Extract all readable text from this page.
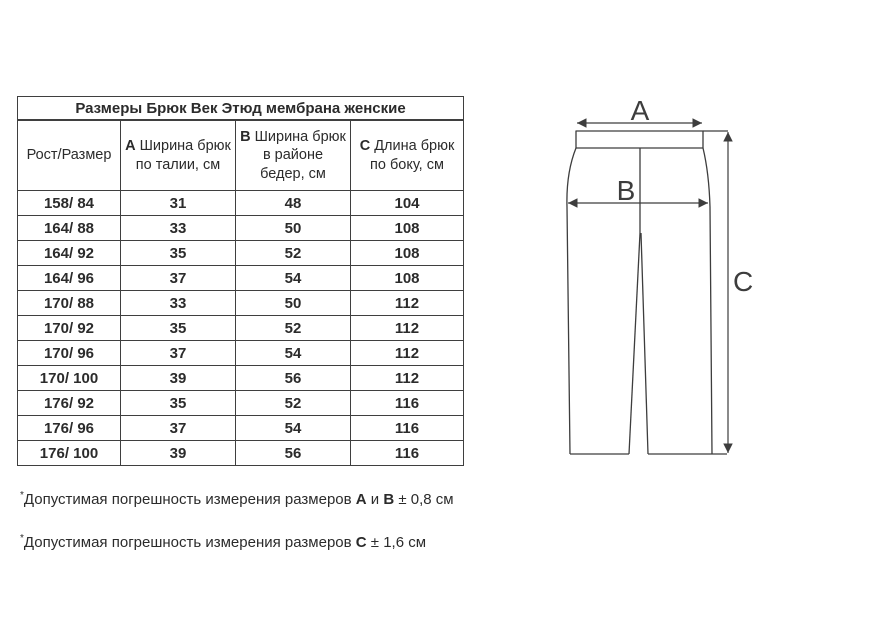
Размеры Брюк Век Этюд мембрана женские			
Рост/Размер	A Ширина брюк по талии, см	B Ширина брюк в районе бедер, см	C Длина брюк по боку, см
158/ 84	31	48	104
164/ 88	33	50	108
164/ 92	35	52	108
164/ 96	37	54	108
170/ 88	33	50	112
170/ 92	35	52	112
170/ 96	37	54	112
170/ 100	39	56	112
176/ 92	35	52	116
176/ 96	37	54	116
176/ 100	39	56	116
*Допустимая погрешность измерения размеров A и B ± 0,8 см
*Допустимая погрешность измерения размеров C ± 1,6 см
A
B
C
